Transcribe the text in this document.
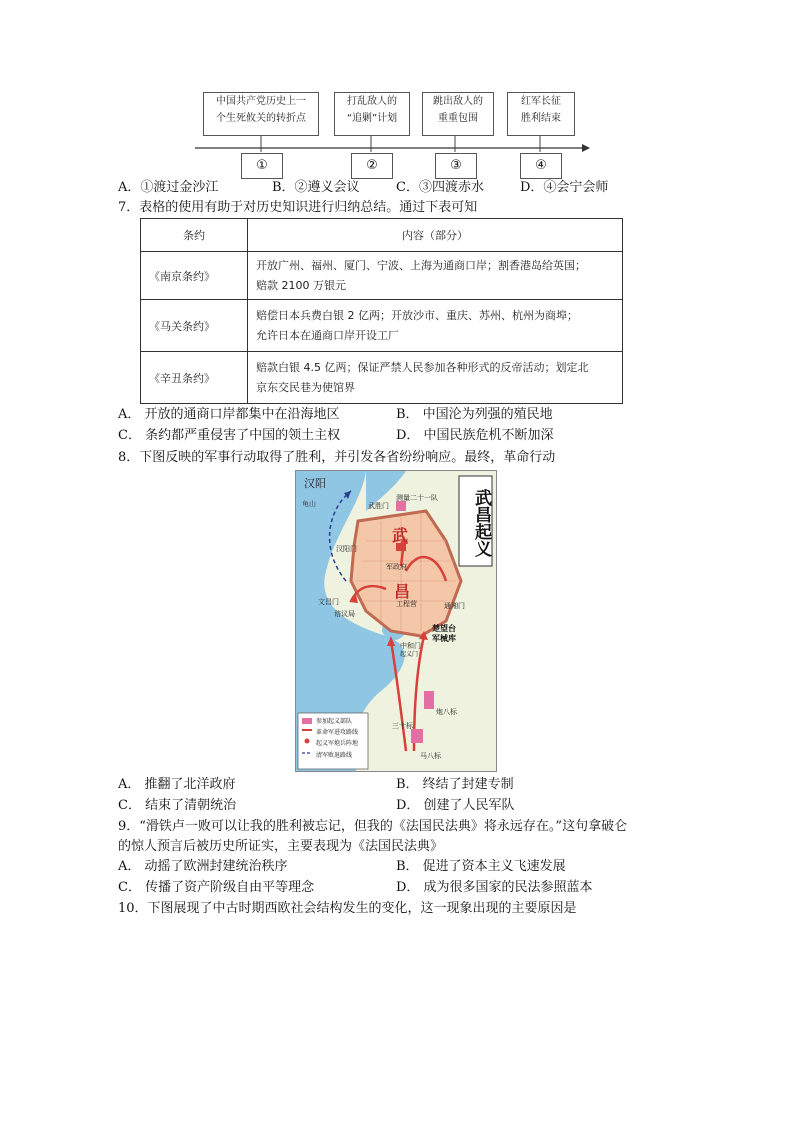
中国共产党历史上一
个生死攸关的转折点
打乱敌人的
“追剿”计划
跳出敌人的
重重包围
红军长征
胜利结束
①	②	③	④
A．①渡过金沙江	B．②遵义会议	C．③四渡赤水	D．④会宁会师
7．表格的使用有助于对历史知识进行归纳总结。通过下表可知
条约	内容（部分）
《南京条约》	开放广州、福州、厦门、宁波、上海为通商口岸；割香港岛给英国；
赔款 2100 万银元

《马关条约》	赔偿日本兵费白银 2 亿两；开放沙市、重庆、苏州、杭州为商埠；
允许日本在通商口岸开设工厂

《辛丑条约》	赔款白银 4.5 亿两；保证严禁人民参加各种形式的反帝活动；划定北
京东交民巷为使馆界
A． 开放的通商口岸都集中在沿海地区	B． 中国沦为列强的殖民地
C． 条约都严重侵害了中国的领土主权	D． 中国民族危机不断加深
8．下图反映的军事行动取得了胜利，并引发各省纷纷响应。最终，革命行动
武昌起义
武
昌
汉阳
龟山
测量二十一队
武胜门
汉阳门
军政府
文昌门	工程营	通湘门
谘议局
楚望台
军械库
中和门
起义门
三十标
炮八标
马八标
参加起义部队
革命军进攻路线
起义军炮兵阵地
清军败退路线
A． 推翻了北洋政府	B． 终结了封建专制
C． 结束了清朝统治	D． 创建了人民军队
9．“滑铁卢一败可以让我的胜利被忘记，但我的《法国民法典》将永远存在。”这句拿破仑
的惊人预言后被历史所证实，主要表现为《法国民法典》
A． 动摇了欧洲封建统治秩序	B． 促进了资本主义飞速发展
C． 传播了资产阶级自由平等理念	D． 成为很多国家的民法参照蓝本
10．下图展现了中古时期西欧社会结构发生的变化，这一现象出现的主要原因是
